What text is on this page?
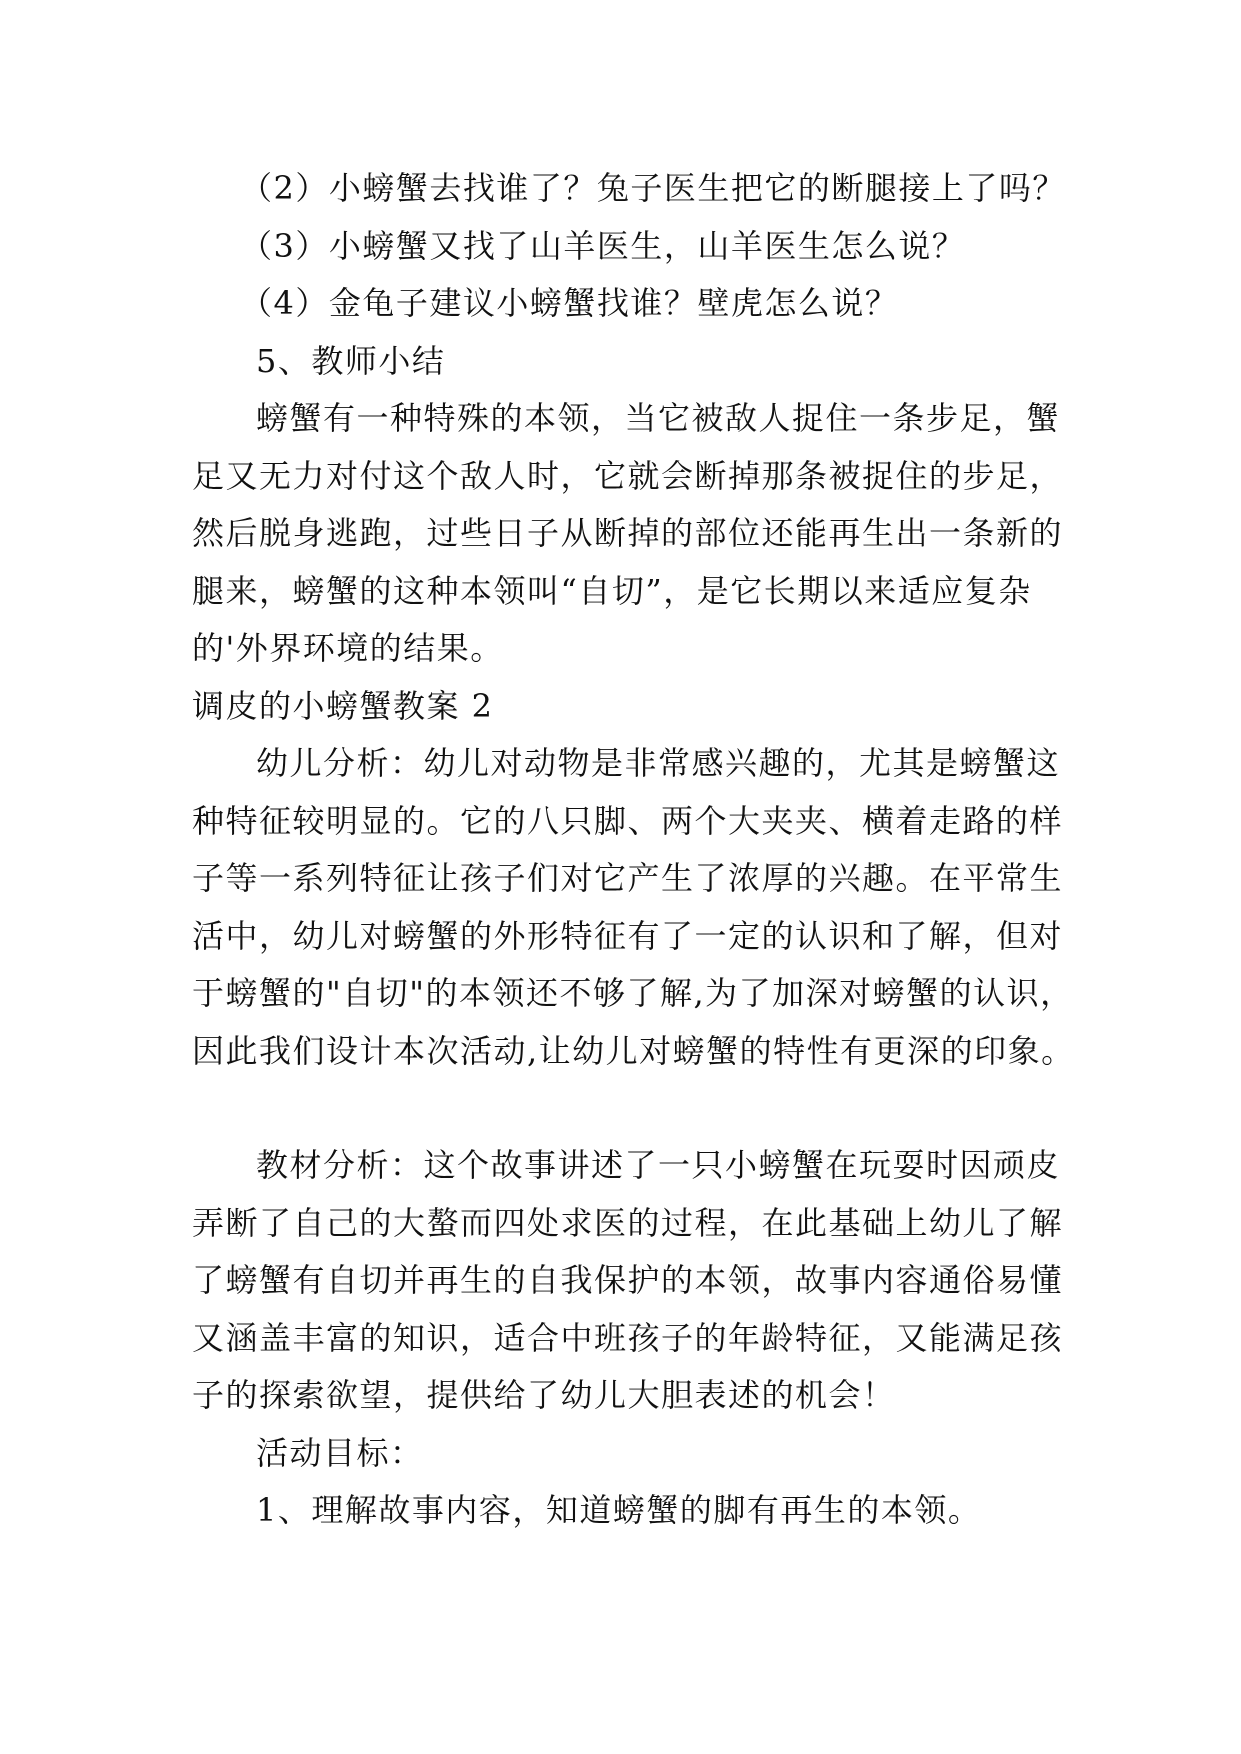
（2）小螃蟹去找谁了？兔子医生把它的断腿接上了吗？
（3）小螃蟹又找了山羊医生，山羊医生怎么说？
（4）金龟子建议小螃蟹找谁？壁虎怎么说？
5、教师小结
螃蟹有一种特殊的本领，当它被敌人捉住一条步足，蟹
足又无力对付这个敌人时，它就会断掉那条被捉住的步足，
然后脱身逃跑，过些日子从断掉的部位还能再生出一条新的
腿来，螃蟹的这种本领叫“自切”，是它长期以来适应复杂
的'外界环境的结果。
调皮的小螃蟹教案 2
幼儿分析：幼儿对动物是非常感兴趣的，尤其是螃蟹这
种特征较明显的。它的八只脚、两个大夹夹、横着走路的样
子等一系列特征让孩子们对它产生了浓厚的兴趣。在平常生
活中，幼儿对螃蟹的外形特征有了一定的认识和了解，但对
于螃蟹的"自切"的本领还不够了解,为了加深对螃蟹的认识，
因此我们设计本次活动,让幼儿对螃蟹的特性有更深的印象。
教材分析：这个故事讲述了一只小螃蟹在玩耍时因顽皮
弄断了自己的大螯而四处求医的过程，在此基础上幼儿了解
了螃蟹有自切并再生的自我保护的本领，故事内容通俗易懂
又涵盖丰富的知识，适合中班孩子的年龄特征，又能满足孩
子的探索欲望，提供给了幼儿大胆表述的机会！
活动目标：
1、理解故事内容，知道螃蟹的脚有再生的本领。
